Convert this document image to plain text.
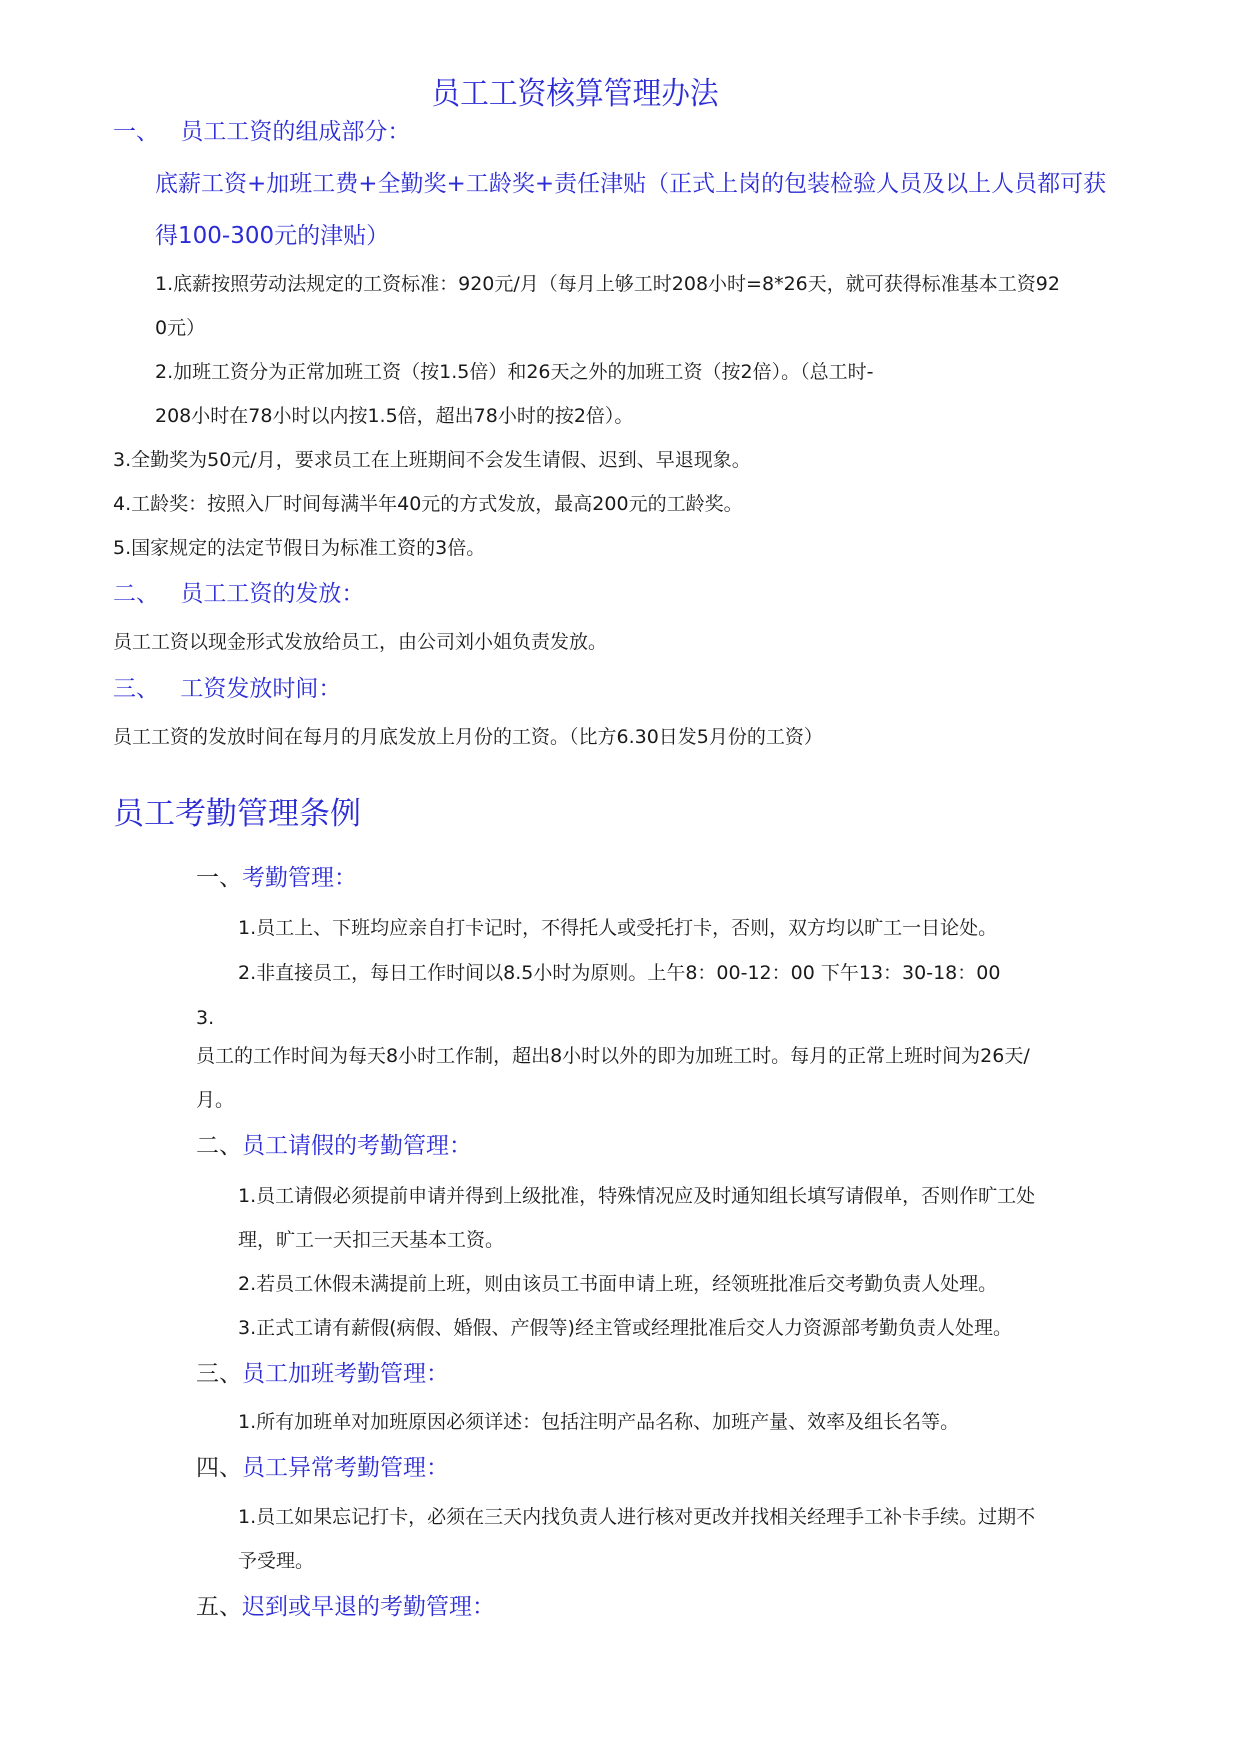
员工工资核算管理办法
一、 员工工资的组成部分：
底薪工资+加班工费+全勤奖+工龄奖+责任津贴（正式上岗的包装检验人员及以上人员都可获
得100-300元的津贴）
1.底薪按照劳动法规定的工资标准：920元/月（每月上够工时208小时=8*26天，就可获得标准基本工资92
0元）
2.加班工资分为正常加班工资（按1.5倍）和26天之外的加班工资（按2倍）。（总工时-
208小时在78小时以内按1.5倍，超出78小时的按2倍）。
3.全勤奖为50元/月，要求员工在上班期间不会发生请假、迟到、早退现象。
4.工龄奖：按照入厂时间每满半年40元的方式发放，最高200元的工龄奖。
5.国家规定的法定节假日为标准工资的3倍。
二、 员工工资的发放：
员工工资以现金形式发放给员工，由公司刘小姐负责发放。
三、 工资发放时间：
员工工资的发放时间在每月的月底发放上月份的工资。（比方6.30日发5月份的工资）
员工考勤管理条例
一、考勤管理：
1.员工上、下班均应亲自打卡记时，不得托人或受托打卡，否则，双方均以旷工一日论处。
2.非直接员工，每日工作时间以8.5小时为原则。上午8：00-12：00 下午13：30-18：00
3.
员工的工作时间为每天8小时工作制，超出8小时以外的即为加班工时。每月的正常上班时间为26天/
月。
二、员工请假的考勤管理：
1.员工请假必须提前申请并得到上级批准，特殊情况应及时通知组长填写请假单，否则作旷工处
理，旷工一天扣三天基本工资。
2.若员工休假未满提前上班，则由该员工书面申请上班，经领班批准后交考勤负责人处理。
3.正式工请有薪假(病假、婚假、产假等)经主管或经理批准后交人力资源部考勤负责人处理。
三、员工加班考勤管理：
1.所有加班单对加班原因必须详述：包括注明产品名称、加班产量、效率及组长名等。
四、员工异常考勤管理：
1.员工如果忘记打卡，必须在三天内找负责人进行核对更改并找相关经理手工补卡手续。过期不
予受理。
五、迟到或早退的考勤管理：
